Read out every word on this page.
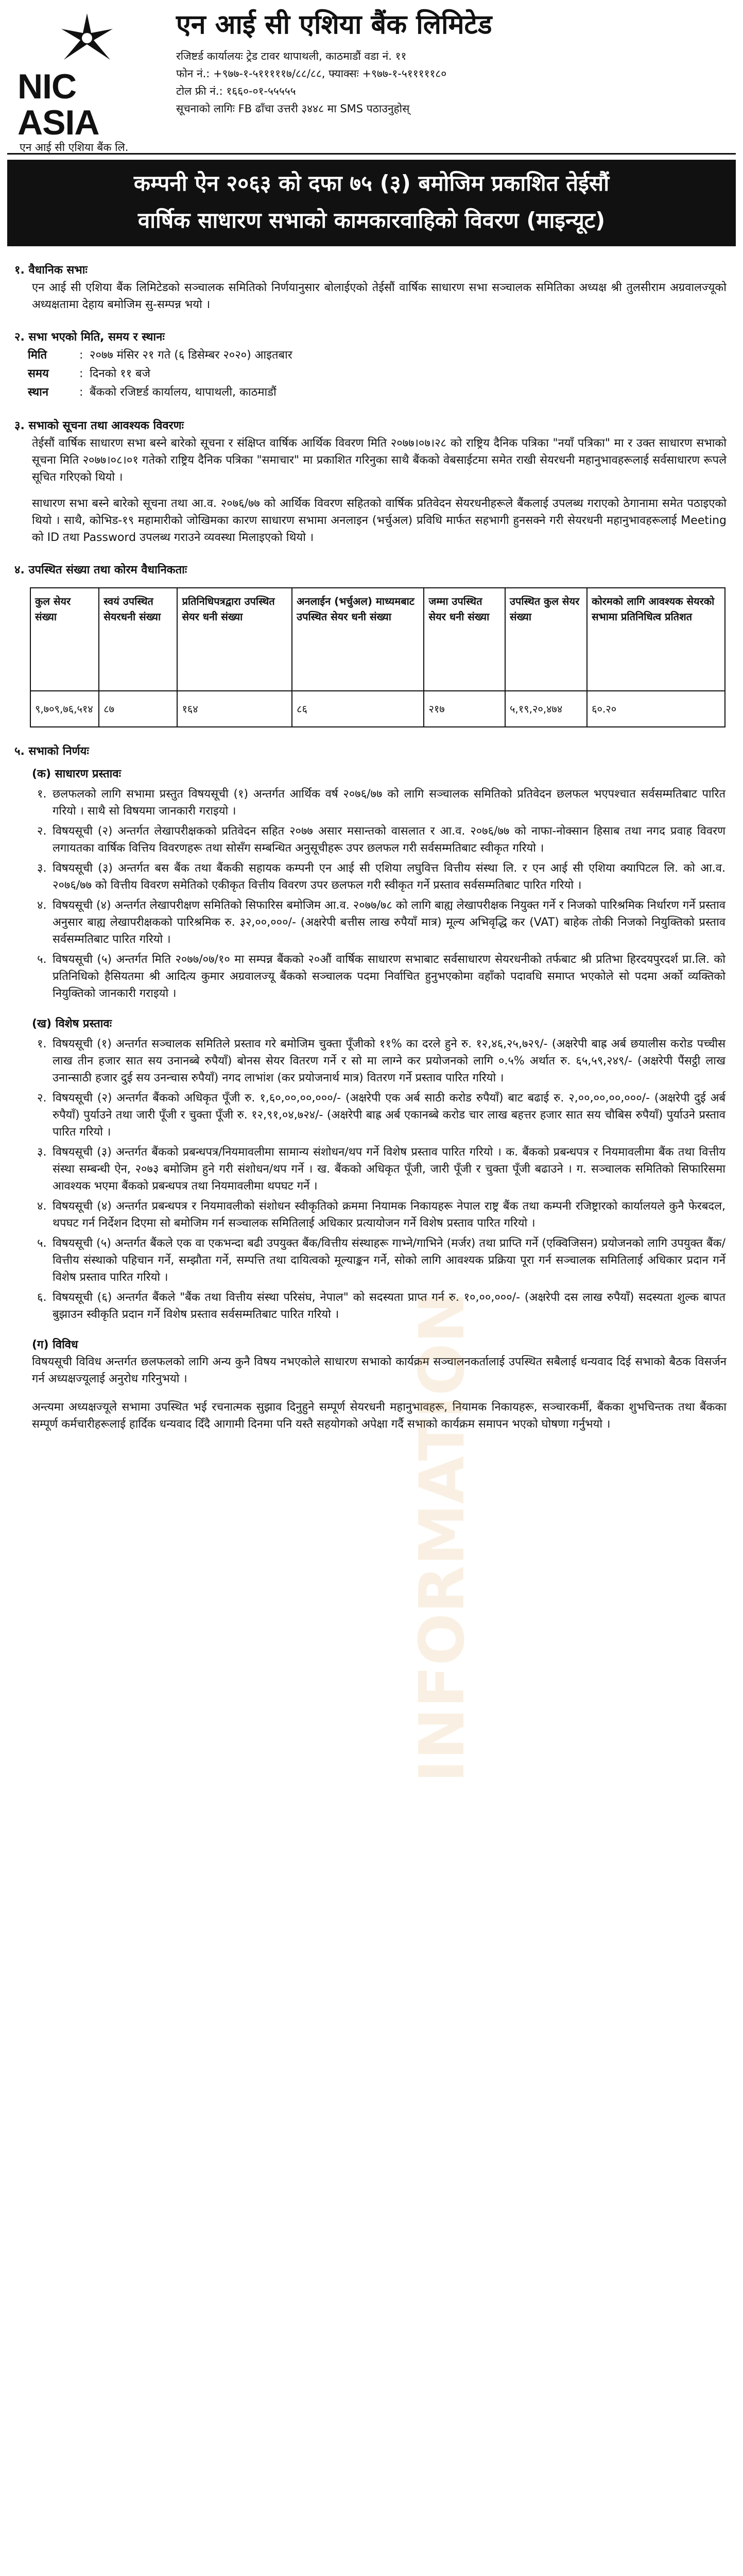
NIC ASIA
एन आई सी एशिया बैंक लि.
एन आई सी एशिया बैंक लिमिटेड
रजिष्टर्ड कार्यालयः ट्रेड टावर थापाथली, काठमाडौं वडा नं. ११
फोन नं.: +९७७-१-५१११११७/८८/८८, फ्याक्सः +९७७-१-५१११११८०
टोल फ्री नं.: १६६०-०१-५५५५५
सूचनाको लागिः FB ढाँचा उत्तरी ३४४८ मा SMS पठाउनुहोस्
कम्पनी ऐन २०६३ को दफा ७५ (३) बमोजिम प्रकाशित तेईसौं
वार्षिक साधारण सभाको कामकारवाहिको विवरण (माइन्यूट)
१. वैधानिक सभाः

एन आई सी एशिया बैंक लिमिटेडको सञ्चालक समितिको निर्णयानुसार बोलाईएको तेईसौं वार्षिक साधारण सभा सञ्चालक समितिका अध्यक्ष श्री तुलसीराम अग्रवालज्यूको अध्यक्षतामा देहाय बमोजिम सु-सम्पन्न भयो ।

२. सभा भएको मिति, समय र स्थानः
मिति	: २०७७ मंसिर २१ गते (६ डिसेम्बर २०२०) आइतबार
समय	: दिनको ११ बजे
स्थान	: बैंकको रजिष्टर्ड कार्यालय, थापाथली, काठमाडौं
३. सभाको सूचना तथा आवश्यक विवरणः

तेईसौं वार्षिक साधारण सभा बस्ने बारेको सूचना र संक्षिप्त वार्षिक आर्थिक विवरण मिति २०७७।०७।२८ को राष्ट्रिय दैनिक पत्रिका "नयाँ पत्रिका" मा र उक्त साधारण सभाको सूचना मिति २०७७।०८।०१ गतेको राष्ट्रिय दैनिक पत्रिका "समाचार" मा प्रकाशित गरिनुका साथै बैंकको वेबसाईटमा समेत राखी सेयरधनी महानुभावहरूलाई सर्वसाधारण रूपले सूचित गरिएको थियो ।

साधारण सभा बस्ने बारेको सूचना तथा आ.व. २०७६/७७ को आर्थिक विवरण सहितको वार्षिक प्रतिवेदन सेयरधनीहरूले बैंकलाई उपलब्ध गराएको ठेगानामा समेत पठाइएको थियो । साथै, कोभिड-१९ महामारीको जोखिमका कारण साधारण सभामा अनलाइन (भर्चुअल) प्रविधि मार्फत सहभागी हुनसक्ने गरी सेयरधनी महानुभावहरूलाई Meeting को ID तथा Password उपलब्ध गराउने व्यवस्था मिलाइएको थियो ।

४. उपस्थित संख्या तथा कोरम वैधानिकताः
कुल सेयर संख्या	स्वयं उपस्थित सेयरधनी संख्या	प्रतिनिधिपत्रद्वारा उपस्थित सेयर धनी संख्या	अनलाईन (भर्चुअल) माध्यमबाट उपस्थित सेयर धनी संख्या	जम्मा उपस्थित सेयर धनी संख्या	उपस्थित कुल सेयर संख्या	कोरमको लागि आवश्यक सेयरको सभामा प्रतिनिधित्व प्रतिशत
९,७०९,७६,५१४	८७	१६४	८६	२१७	५,१९,२०,४७४	६०.२०
५. सभाको निर्णयः
(क) साधारण प्रस्तावः
१. छलफलको लागि सभामा प्रस्तुत विषयसूची (१) अन्तर्गत आर्थिक वर्ष २०७६/७७ को लागि सञ्चालक समितिको प्रतिवेदन छलफल भएपश्चात सर्वसम्मतिबाट पारित गरियो । साथै सो विषयमा जानकारी गराइयो ।
२. विषयसूची (२) अन्तर्गत लेखापरीक्षकको प्रतिवेदन सहित २०७७ असार मसान्तको वासलात र आ.व. २०७६/७७ को नाफा-नोक्सान हिसाब तथा नगद प्रवाह विवरण लगायतका वार्षिक वित्तिय विवरणहरू तथा सोसँग सम्बन्धित अनुसूचीहरू उपर छलफल गरी सर्वसम्मतिबाट स्वीकृत गरियो ।
३. विषयसूची (३) अन्तर्गत बस बैंक तथा बैंककी सहायक कम्पनी एन आई सी एशिया लघुवित्त वित्तीय संस्था लि. र एन आई सी एशिया क्यापिटल लि. को आ.व. २०७६/७७ को वित्तीय विवरण समेतिको एकीकृत वित्तीय विवरण उपर छलफल गरी स्वीकृत गर्ने प्रस्ताव सर्वसम्मतिबाट पारित गरियो ।
४. विषयसूची (४) अन्तर्गत लेखापरीक्षण समितिको सिफारिस बमोजिम आ.व. २०७७/७८ को लागि बाह्य लेखापरीक्षक नियुक्त गर्ने र निजको पारिश्रमिक निर्धारण गर्ने प्रस्ताव अनुसार बाह्य लेखापरीक्षकको पारिश्रमिक रु. ३२,००,०००/- (अक्षरेपी बत्तीस लाख रुपैयाँ मात्र) मूल्य अभिवृद्धि कर (VAT) बाहेक तोकी निजको नियुक्तिको प्रस्ताव सर्वसम्मतिबाट पारित गरियो ।
५. विषयसूची (५) अन्तर्गत मिति २०७७/०७/१० मा सम्पन्न बैंकको २०औं वार्षिक साधारण सभाबाट सर्वसाधारण सेयरधनीको तर्फबाट श्री प्रतिभा हिरदयपुरदर्श प्रा.लि. को प्रतिनिधिको हैसियतमा श्री आदित्य कुमार अग्रवालज्यू बैंकको सञ्चालक पदमा निर्वाचित हुनुभएकोमा वहाँको पदावधि समाप्त भएकोले सो पदमा अर्को व्यक्तिको नियुक्तिको जानकारी गराइयो ।
(ख) विशेष प्रस्तावः
१. विषयसूची (१) अन्तर्गत सञ्चालक समितिले प्रस्ताव गरे बमोजिम चुक्ता पूँजीको ११% का दरले हुने रु. १२,४६,२५,७२९/- (अक्षरेपी बाह्र अर्ब छयालीस करोड पच्चीस लाख तीन हजार सात सय उनानब्बे रुपैयाँ) बोनस सेयर वितरण गर्ने र सो मा लाग्ने कर प्रयोजनको लागि ०.५% अर्थात रु. ६५,५९,२४९/- (अक्षरेपी पैंसट्ठी लाख उनान्साठी हजार दुई सय उनन्चास रुपैयाँ) नगद लाभांश (कर प्रयोजनार्थ मात्र) वितरण गर्ने प्रस्ताव पारित गरियो ।
२. विषयसूची (२) अन्तर्गत बैंकको अधिकृत पूँजी रु. १,६०,००,००,०००/- (अक्षरेपी एक अर्ब साठी करोड रुपैयाँ) बाट बढाई रु. २,००,००,००,०००/- (अक्षरेपी दुई अर्ब रुपैयाँ) पुर्याउने तथा जारी पूँजी र चुक्ता पूँजी रु. १२,९१,०४,७२४/- (अक्षरेपी बाह्र अर्ब एकानब्बे करोड चार लाख बहत्तर हजार सात सय चौबिस रुपैयाँ) पुर्याउने प्रस्ताव पारित गरियो ।
३. विषयसूची (३) अन्तर्गत बैंकको प्रबन्धपत्र/नियमावलीमा सामान्य संशोधन/थप गर्ने विशेष प्रस्ताव पारित गरियो । क. बैंकको प्रबन्धपत्र र नियमावलीमा बैंक तथा वित्तीय संस्था सम्बन्धी ऐन, २०७३ बमोजिम हुने गरी संशोधन/थप गर्ने । ख. बैंकको अधिकृत पूँजी, जारी पूँजी र चुक्ता पूँजी बढाउने । ग. सञ्चालक समितिको सिफारिसमा आवश्यक भएमा बैंकको प्रबन्धपत्र तथा नियमावलीमा थपघट गर्ने ।
४. विषयसूची (४) अन्तर्गत प्रबन्धपत्र र नियमावलीको संशोधन स्वीकृतिको क्रममा नियामक निकायहरू नेपाल राष्ट्र बैंक तथा कम्पनी रजिष्ट्रारको कार्यालयले कुनै फेरबदल, थपघट गर्न निर्देशन दिएमा सो बमोजिम गर्न सञ्चालक समितिलाई अधिकार प्रत्यायोजन गर्ने विशेष प्रस्ताव पारित गरियो ।
५. विषयसूची (५) अन्तर्गत बैंकले एक वा एकभन्दा बढी उपयुक्त बैंक/वित्तीय संस्थाहरू गाभ्ने/गाभिने (मर्जर) तथा प्राप्ति गर्ने (एक्विजिसन) प्रयोजनको लागि उपयुक्त बैंक/वित्तीय संस्थाको पहिचान गर्ने, सम्झौता गर्ने, सम्पत्ति तथा दायित्वको मूल्याङ्कन गर्ने, सोको लागि आवश्यक प्रक्रिया पूरा गर्न सञ्चालक समितिलाई अधिकार प्रदान गर्ने विशेष प्रस्ताव पारित गरियो ।
६. विषयसूची (६) अन्तर्गत बैंकले "बैंक तथा वित्तीय संस्था परिसंघ, नेपाल" को सदस्यता प्राप्त गर्न रु. १०,००,०००/- (अक्षरेपी दस लाख रुपैयाँ) सदस्यता शुल्क बापत बुझाउन स्वीकृति प्रदान गर्ने विशेष प्रस्ताव सर्वसम्मतिबाट पारित गरियो ।
(ग) विविध

विषयसूची विविध अन्तर्गत छलफलको लागि अन्य कुनै विषय नभएकोले साधारण सभाको कार्यक्रम सञ्चालनकर्तालाई उपस्थित सबैलाई धन्यवाद दिई सभाको बैठक विसर्जन गर्न अध्यक्षज्यूलाई अनुरोध गरिनुभयो ।

अन्त्यमा अध्यक्षज्यूले सभामा उपस्थित भई रचनात्मक सुझाव दिनुहुने सम्पूर्ण सेयरधनी महानुभावहरू, नियामक निकायहरू, सञ्चारकर्मी, बैंकका शुभचिन्तक तथा बैंकका सम्पूर्ण कर्मचारीहरूलाई हार्दिक धन्यवाद दिँदै आगामी दिनमा पनि यस्तै सहयोगको अपेक्षा गर्दै सभाको कार्यक्रम समापन भएको घोषणा गर्नुभयो ।

INFORMATION
